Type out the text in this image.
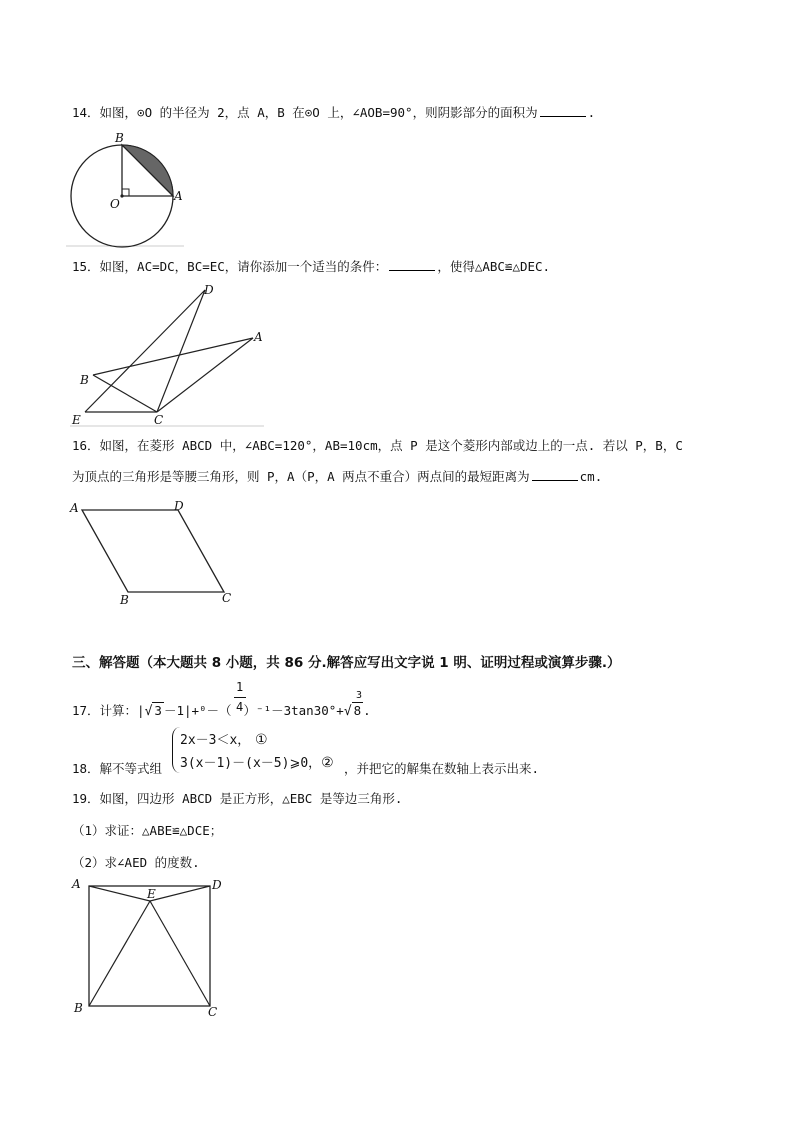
14．如图，⊙O 的半径为 2，点 A，B 在⊙O 上，∠AOB=90°，则阴影部分的面积为	.
B
O
A
15．如图，AC=DC，BC=EC，请你添加一个适当的条件：	，使得△ABC≌△DEC.
D
A
B
E	C
16．如图，在菱形 ABCD 中，∠ABC=120°，AB=10cm，点 P 是这个菱形内部或边上的一点. 若以 P，B，C
为顶点的三角形是等腰三角形，则 P，A（P，A 两点不重合）两点间的最短距离为	cm.
A	D
B	C
三、解答题（本大题共 8 小题，共 86 分.解答应写出文字说 1 明、证明过程或演算步骤.）
17．计算：|√ 3 －1|+⁰－（ ）⁻¹－3tan30°+√ 8 .
1
4
3
2x－3＜x， ①
3(x－1)－(x－5)⩾0，②
18．解不等式组	，并把它的解集在数轴上表示出来.
19．如图，四边形 ABCD 是正方形，△EBC 是等边三角形.
（1）求证：△ABE≌△DCE；
（2）求∠AED 的度数.
A
E
D
B	C
